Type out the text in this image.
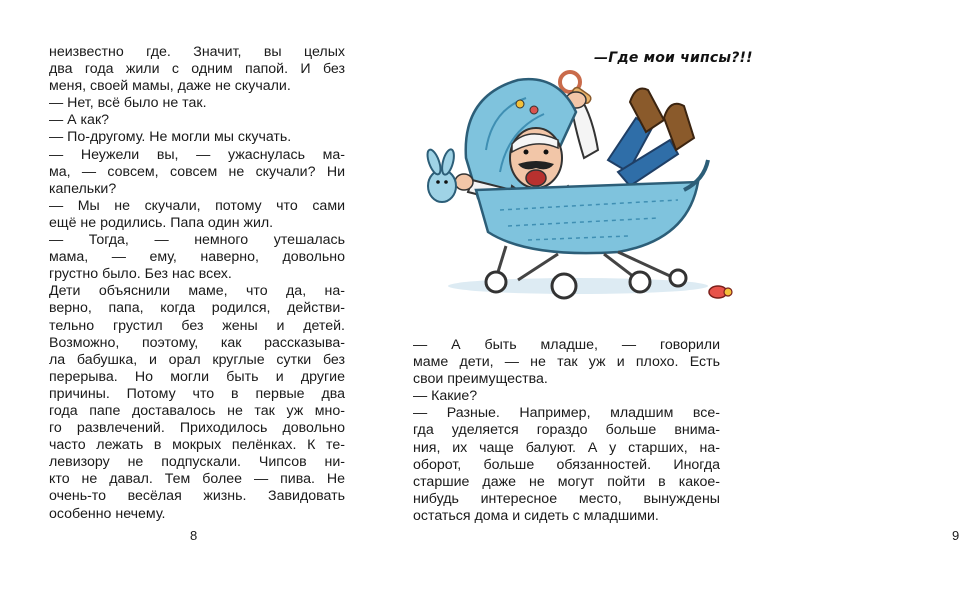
неизвестно где. Значит, вы целых
два года жили с одним папой. И без
меня, своей мамы, даже не скучали.
— Нет, всё было не так.
— А как?
— По-другому. Не могли мы скучать.
— Неужели вы, — ужаснулась ма-
ма, — совсем, совсем не скучали? Ни
капельки?
— Мы не скучали, потому что сами
ещё не родились. Папа один жил.
— Тогда, — немного утешалась
мама, — ему, наверно, довольно
грустно было. Без нас всех.
Дети объяснили маме, что да, на-
верно, папа, когда родился, действи-
тельно грустил без жены и детей.
Возможно, поэтому, как рассказыва-
ла бабушка, и орал круглые сутки без
перерыва. Но могли быть и другие
причины. Потому что в первые два
года папе доставалось не так уж мно-
го развлечений. Приходилось довольно
часто лежать в мокрых пелёнках. К те-
левизору не подпускали. Чипсов ни-
кто не давал. Тем более — пива. Не
очень-то весёлая жизнь. Завидовать
особенно нечему.
8	9
—Где мои чипсы?!!
— А быть младше, — говорили
маме дети, — не так уж и плохо. Есть
свои преимущества.
— Какие?
— Разные. Например, младшим все-
гда уделяется гораздо больше внима-
ния, их чаще балуют. А у старших, на-
оборот, больше обязанностей. Иногда
старшие даже не могут пойти в какое-
нибудь интересное место, вынуждены
остаться дома и сидеть с младшими.
